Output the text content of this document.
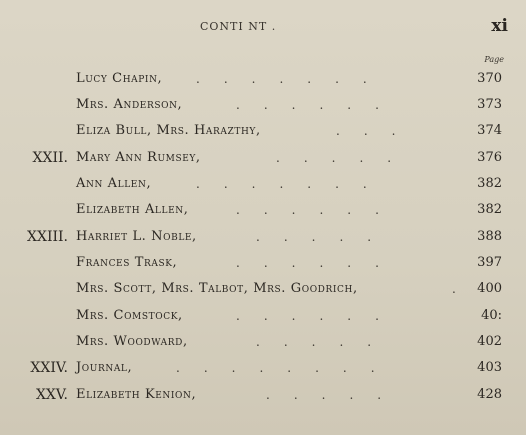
CONTI NT .	xi
Page
Lucy Chapin,	.  .  .  .  .  .  .	370
Mrs. Anderson,	.  .  .  .  .  .	373
Eliza Bull, Mrs. Harazthy,	.  .  .	374
XXII. Mary Ann Rumsey,	.  .  .  .  .	376
Ann Allen,	.  .  .  .  .  .  .	382
Elizabeth Allen,	.  .  .  .  .  .	382
XXIII. Harriet L. Noble,	.  .  .  .  .	388
Frances Trask,	.  .  .  .  .  .	397
Mrs. Scott, Mrs. Talbot, Mrs. Goodrich,	.	400
Mrs. Comstock,	.  .  .  .  .  .	40:
Mrs. Woodward,	.  .  .  .  .	402
XXIV. Journal,	.  .  .  .  .  .  .  .	403
XXV. Elizabeth Kenion,	.  .  .  .  .	428
